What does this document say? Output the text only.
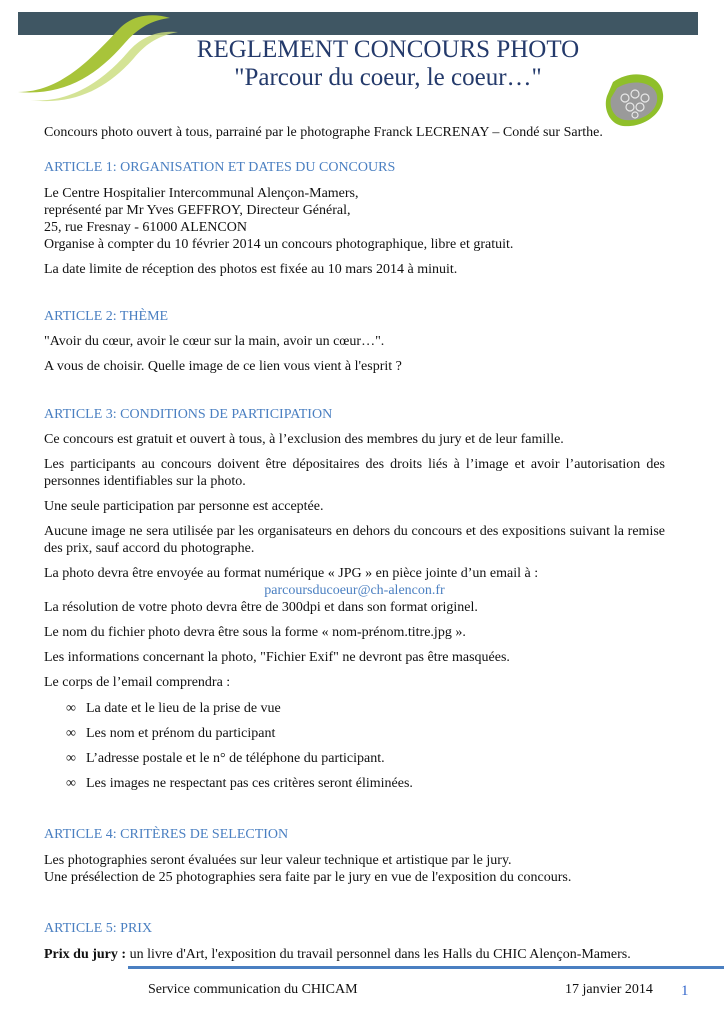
REGLEMENT CONCOURS PHOTO
"Parcour du coeur, le coeur…"

Concours photo ouvert à tous, parrainé par le photographe Franck LECRENAY – Condé sur Sarthe.

ARTICLE 1: ORGANISATION ET DATES DU CONCOURS

Le Centre Hospitalier Intercommunal Alençon-Mamers,
représenté par Mr Yves GEFFROY, Directeur Général,
25, rue Fresnay - 61000 ALENCON
Organise à compter du 10 février 2014 un concours photographique, libre et gratuit.

La date limite de réception des photos est fixée au 10 mars 2014 à minuit.

ARTICLE 2: THÈME

"Avoir du cœur, avoir le cœur sur la main, avoir un cœur…".

A vous de choisir. Quelle image de ce lien vous vient à l'esprit ?

ARTICLE 3: CONDITIONS DE PARTICIPATION

Ce concours est gratuit et ouvert à tous, à l’exclusion des membres du jury et de leur famille.

Les participants au concours doivent être dépositaires des droits liés à l’image et avoir l’autorisation des personnes identifiables sur la photo.

Une seule participation par personne est acceptée.

Aucune image ne sera utilisée par les organisateurs en dehors du concours et des expositions suivant la remise des prix, sauf accord du photographe.

La photo devra être envoyée au format numérique « JPG » en pièce jointe d’un email à :

parcoursducoeur@ch-alencon.fr

La résolution de votre photo devra être de 300dpi et dans son format originel.

Le nom du fichier photo devra être sous la forme « nom-prénom.titre.jpg ».

Les informations concernant la photo, "Fichier Exif" ne devront pas être masquées.

Le corps de l’email comprendra :

∞ La date et le lieu de la prise de vue
∞ Les nom et prénom du participant
∞ L’adresse postale et le n° de téléphone du participant.
∞ Les images ne respectant pas ces critères seront éliminées.

ARTICLE 4: CRITÈRES DE SELECTION

Les photographies seront évaluées sur leur valeur technique et artistique par le jury.
Une présélection de 25 photographies sera faite par le jury en vue de l'exposition du concours.

ARTICLE 5: PRIX

Prix du jury : un livre d'Art, l'exposition du travail personnel dans les Halls du CHIC Alençon-Mamers.

Service communication du CHICAM	17 janvier 2014 1
